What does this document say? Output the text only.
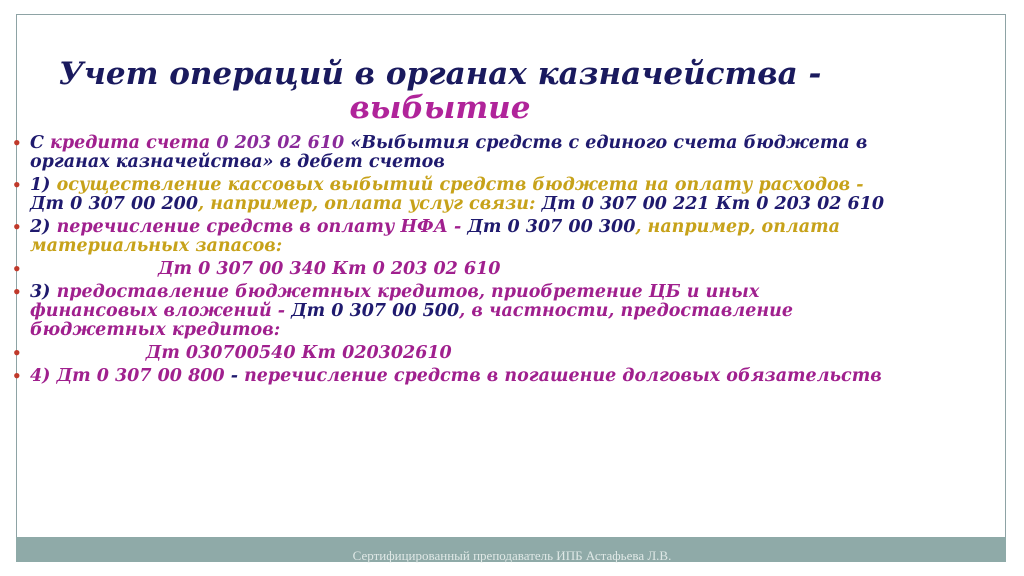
Учет операций в органах казначейства -
выбытие
• С кредита счета 0 203 02 610 «Выбытия средств с единого счета бюджета в органах казначейства» в дебет счетов
• 1) осуществление кассовых выбытий средств бюджета на оплату расходов - Дт 0 307 00 200, например, оплата услуг связи: Дт 0 307 00 221 Кт 0 203 02 610
• 2) перечисление средств в оплату НФА - Дт 0 307 00 300, например, оплата материальных запасов:
• Дт 0 307 00 340 Кт 0 203 02 610
• 3) предоставление бюджетных кредитов, приобретение ЦБ и иных финансовых вложений - Дт 0 307 00 500, в частности, предоставление бюджетных кредитов:
• Дт 030700540 Кт 020302610
• 4) Дт 0 307 00 800 - перечисление средств в погашение долговых обязательств
Сертифицированный преподаватель ИПБ Астафьева Л.В.
